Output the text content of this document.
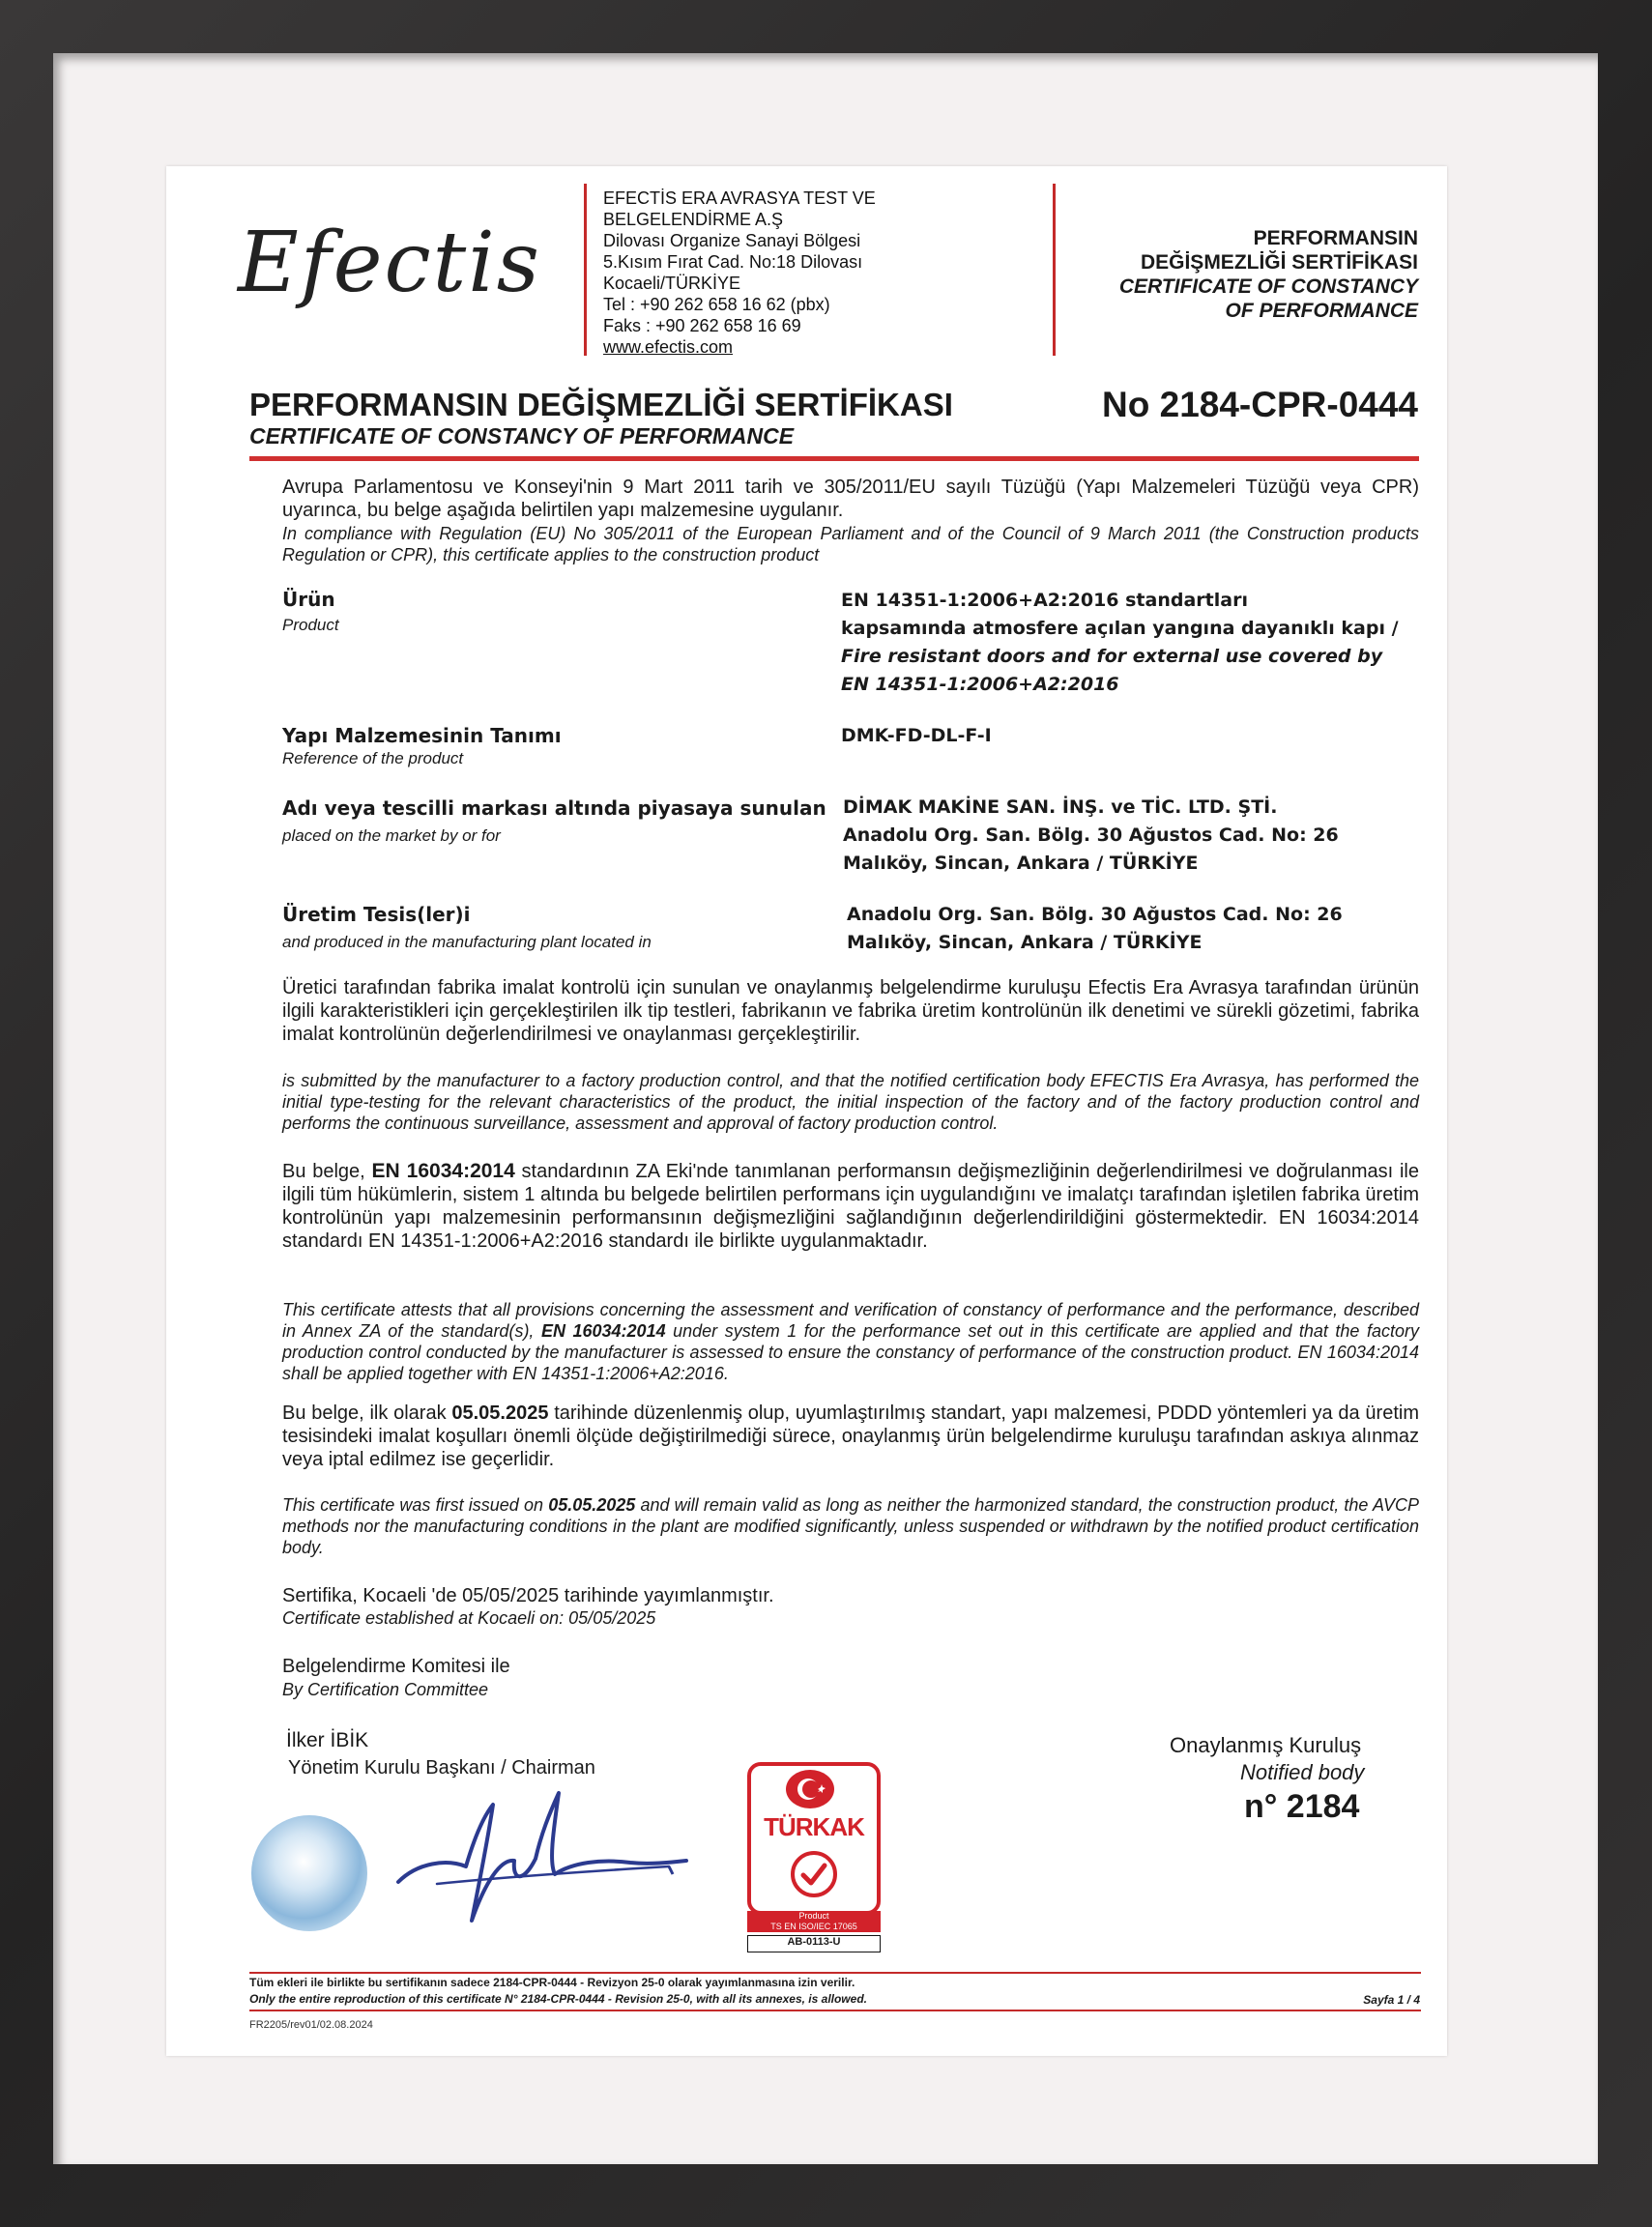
Efectis
EFECTİS ERA AVRASYA TEST VE
BELGELENDİRME A.Ş
Dilovası Organize Sanayi Bölgesi
5.Kısım Fırat Cad. No:18 Dilovası
Kocaeli/TÜRKİYE
Tel : +90 262 658 16 62 (pbx)
Faks : +90 262 658 16 69
www.efectis.com
PERFORMANSIN
DEĞİŞMEZLİĞİ SERTİFİKASI
CERTIFICATE OF CONSTANCY
OF PERFORMANCE
PERFORMANSIN DEĞİŞMEZLİĞİ SERTİFİKASI
CERTIFICATE OF CONSTANCY OF PERFORMANCE
No 2184-CPR-0444
Avrupa Parlamentosu ve Konseyi'nin 9 Mart 2011 tarih ve 305/2011/EU sayılı Tüzüğü (Yapı Malzemeleri Tüzüğü veya CPR) uyarınca, bu belge aşağıda belirtilen yapı malzemesine uygulanır.
In compliance with Regulation (EU) No 305/2011 of the European Parliament and of the Council of 9 March 2011 (the Construction products Regulation or CPR), this certificate applies to the construction product
Ürün
Product
EN 14351-1:2006+A2:2016 standartları
kapsamında atmosfere açılan yangına dayanıklı kapı /
Fire resistant doors and for external use covered by
EN 14351-1:2006+A2:2016
Yapı Malzemesinin Tanımı
Reference of the product
DMK-FD-DL-F-I
Adı veya tescilli markası altında piyasaya sunulan
placed on the market by or for
DİMAK MAKİNE SAN. İNŞ. ve TİC. LTD. ŞTİ.
Anadolu Org. San. Bölg. 30 Ağustos Cad. No: 26
Malıköy, Sincan, Ankara / TÜRKİYE
Üretim Tesis(ler)i
and produced in the manufacturing plant located in
Anadolu Org. San. Bölg. 30 Ağustos Cad. No: 26
Malıköy, Sincan, Ankara / TÜRKİYE
Üretici tarafından fabrika imalat kontrolü için sunulan ve onaylanmış belgelendirme kuruluşu Efectis Era Avrasya tarafından ürünün ilgili karakteristikleri için gerçekleştirilen ilk tip testleri, fabrikanın ve fabrika üretim kontrolünün ilk denetimi ve sürekli gözetimi, fabrika imalat kontrolünün değerlendirilmesi ve onaylanması gerçekleştirilir.
is submitted by the manufacturer to a factory production control, and that the notified certification body EFECTIS Era Avrasya, has performed the initial type-testing for the relevant characteristics of the product, the initial inspection of the factory and of the factory production control and performs the continuous surveillance, assessment and approval of factory production control.
Bu belge, EN 16034:2014 standardının ZA Eki'nde tanımlanan performansın değişmezliğinin değerlendirilmesi ve doğrulanması ile ilgili tüm hükümlerin, sistem 1 altında bu belgede belirtilen performans için uygulandığını ve imalatçı tarafından işletilen fabrika üretim kontrolünün yapı malzemesinin performansının değişmezliğini sağlandığının değerlendirildiğini göstermektedir. EN 16034:2014 standardı EN 14351-1:2006+A2:2016 standardı ile birlikte uygulanmaktadır.
This certificate attests that all provisions concerning the assessment and verification of constancy of performance and the performance, described in Annex ZA of the standard(s), EN 16034:2014 under system 1 for the performance set out in this certificate are applied and that the factory production control conducted by the manufacturer is assessed to ensure the constancy of performance of the construction product. EN 16034:2014 shall be applied together with EN 14351-1:2006+A2:2016.
Bu belge, ilk olarak 05.05.2025 tarihinde düzenlenmiş olup, uyumlaştırılmış standart, yapı malzemesi, PDDD yöntemleri ya da üretim tesisindeki imalat koşulları önemli ölçüde değiştirilmediği sürece, onaylanmış ürün belgelendirme kuruluşu tarafından askıya alınmaz veya iptal edilmez ise geçerlidir.
This certificate was first issued on 05.05.2025 and will remain valid as long as neither the harmonized standard, the construction product, the AVCP methods nor the manufacturing conditions in the plant are modified significantly, unless suspended or withdrawn by the notified product certification body.
Sertifika, Kocaeli 'de 05/05/2025 tarihinde yayımlanmıştır.
Certificate established at Kocaeli on: 05/05/2025
Belgelendirme Komitesi ile
By Certification Committee
İlker İBİK
Yönetim Kurulu Başkanı / Chairman
TÜRKAK
Product
TS EN ISO/IEC 17065
AB-0113-U
Onaylanmış Kuruluş
Notified body
n° 2184
Tüm ekleri ile birlikte bu sertifikanın sadece 2184-CPR-0444 - Revizyon 25-0 olarak yayımlanmasına izin verilir.
Only the entire reproduction of this certificate N° 2184-CPR-0444 - Revision 25-0, with all its annexes, is allowed.	Sayfa 1 / 4
FR2205/rev01/02.08.2024
